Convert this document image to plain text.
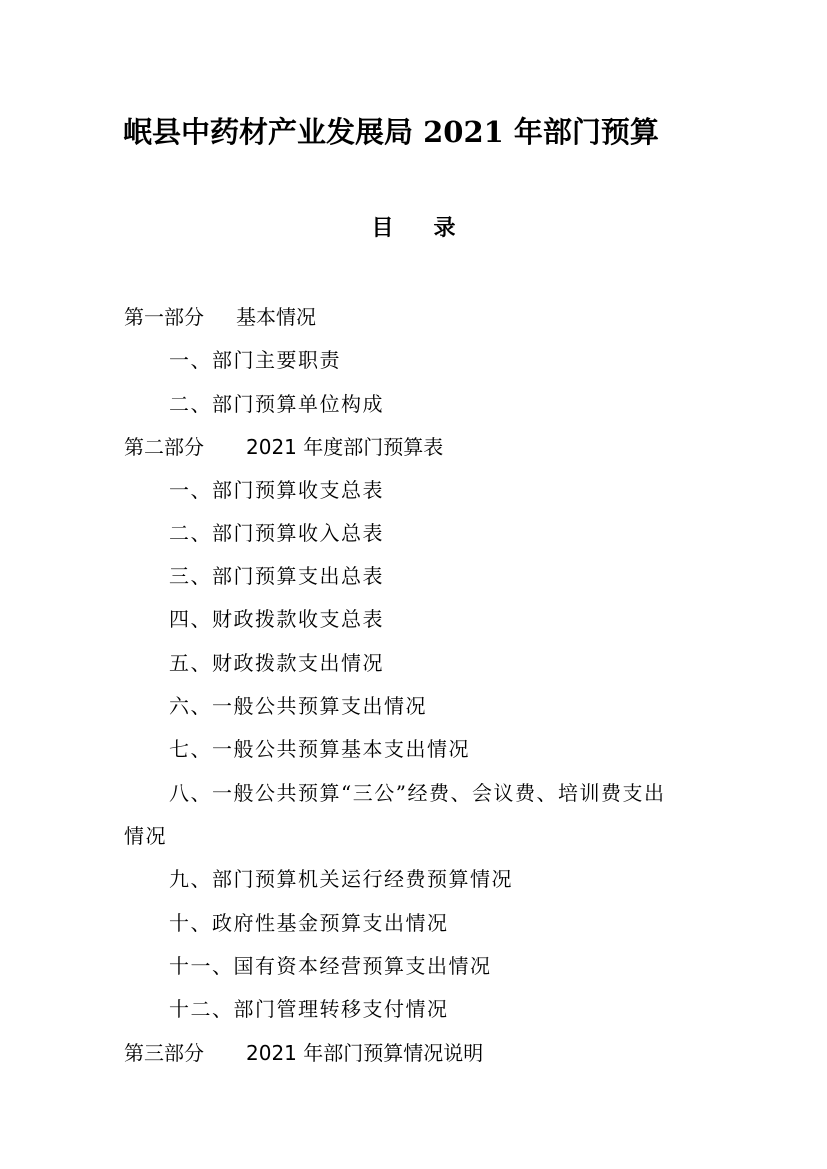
岷县中药材产业发展局 2021 年部门预算
目 录
第一部分 基本情况
一、部门主要职责
二、部门预算单位构成
第二部分 2021 年度部门预算表
一、部门预算收支总表
二、部门预算收入总表
三、部门预算支出总表
四、财政拨款收支总表
五、财政拨款支出情况
六、一般公共预算支出情况
七、一般公共预算基本支出情况
八、一般公共预算“三公”经费、会议费、培训费支出
情况
九、部门预算机关运行经费预算情况
十、政府性基金预算支出情况
十一、国有资本经营预算支出情况
十二、部门管理转移支付情况
第三部分 2021 年部门预算情况说明
